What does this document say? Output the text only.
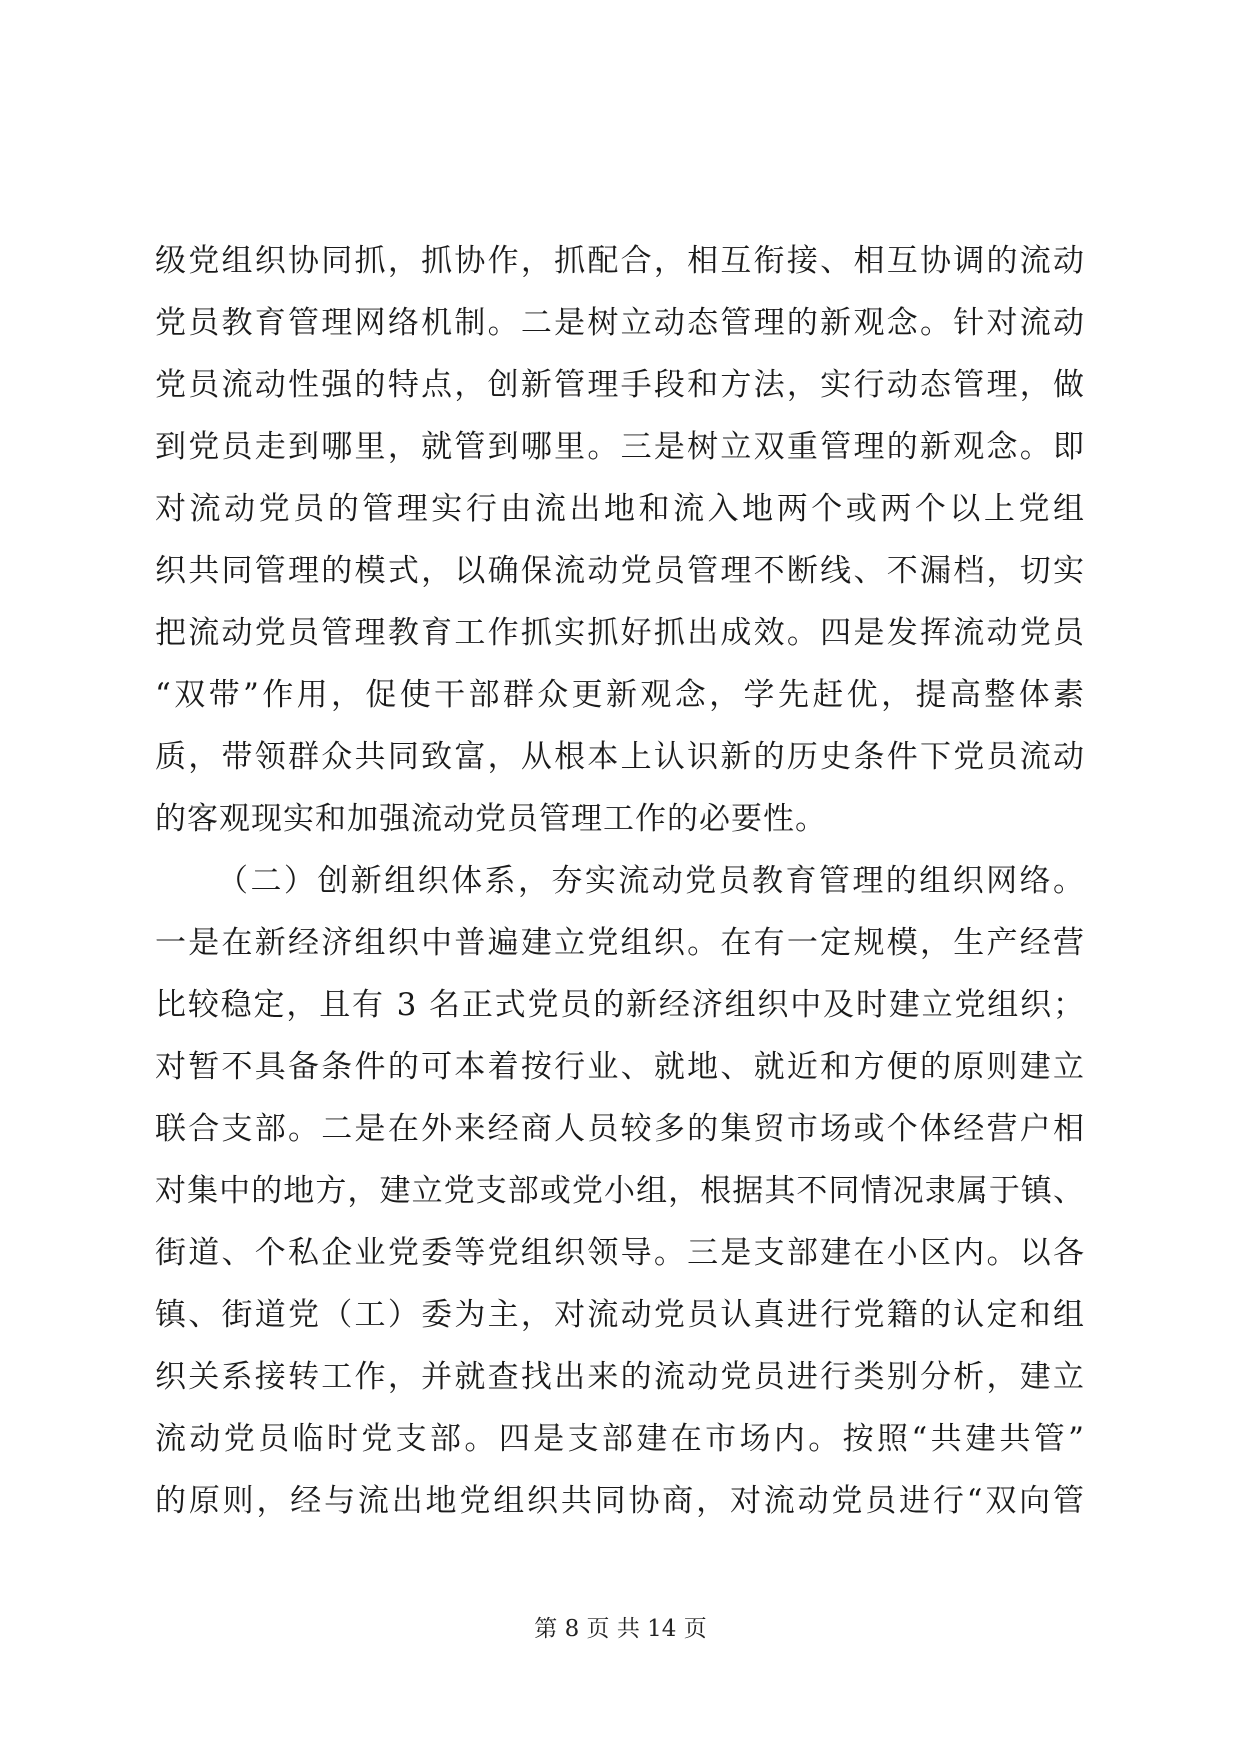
级党组织协同抓，抓协作，抓配合，相互衔接、相互协调的流动
党员教育管理网络机制。二是树立动态管理的新观念。针对流动
党员流动性强的特点，创新管理手段和方法，实行动态管理，做
到党员走到哪里，就管到哪里。三是树立双重管理的新观念。即
对流动党员的管理实行由流出地和流入地两个或两个以上党组
织共同管理的模式，以确保流动党员管理不断线、不漏档，切实
把流动党员管理教育工作抓实抓好抓出成效。四是发挥流动党员
“双带”作用，促使干部群众更新观念，学先赶优，提高整体素
质，带领群众共同致富，从根本上认识新的历史条件下党员流动
的客观现实和加强流动党员管理工作的必要性。
（二）创新组织体系，夯实流动党员教育管理的组织网络。
一是在新经济组织中普遍建立党组织。在有一定规模，生产经营
比较稳定，且有 3 名正式党员的新经济组织中及时建立党组织；
对暂不具备条件的可本着按行业、就地、就近和方便的原则建立
联合支部。二是在外来经商人员较多的集贸市场或个体经营户相
对集中的地方，建立党支部或党小组，根据其不同情况隶属于镇、
街道、个私企业党委等党组织领导。三是支部建在小区内。以各
镇、街道党（工）委为主，对流动党员认真进行党籍的认定和组
织关系接转工作，并就查找出来的流动党员进行类别分析，建立
流动党员临时党支部。四是支部建在市场内。按照“共建共管”
的原则，经与流出地党组织共同协商，对流动党员进行“双向管
第 8 页 共 14 页
